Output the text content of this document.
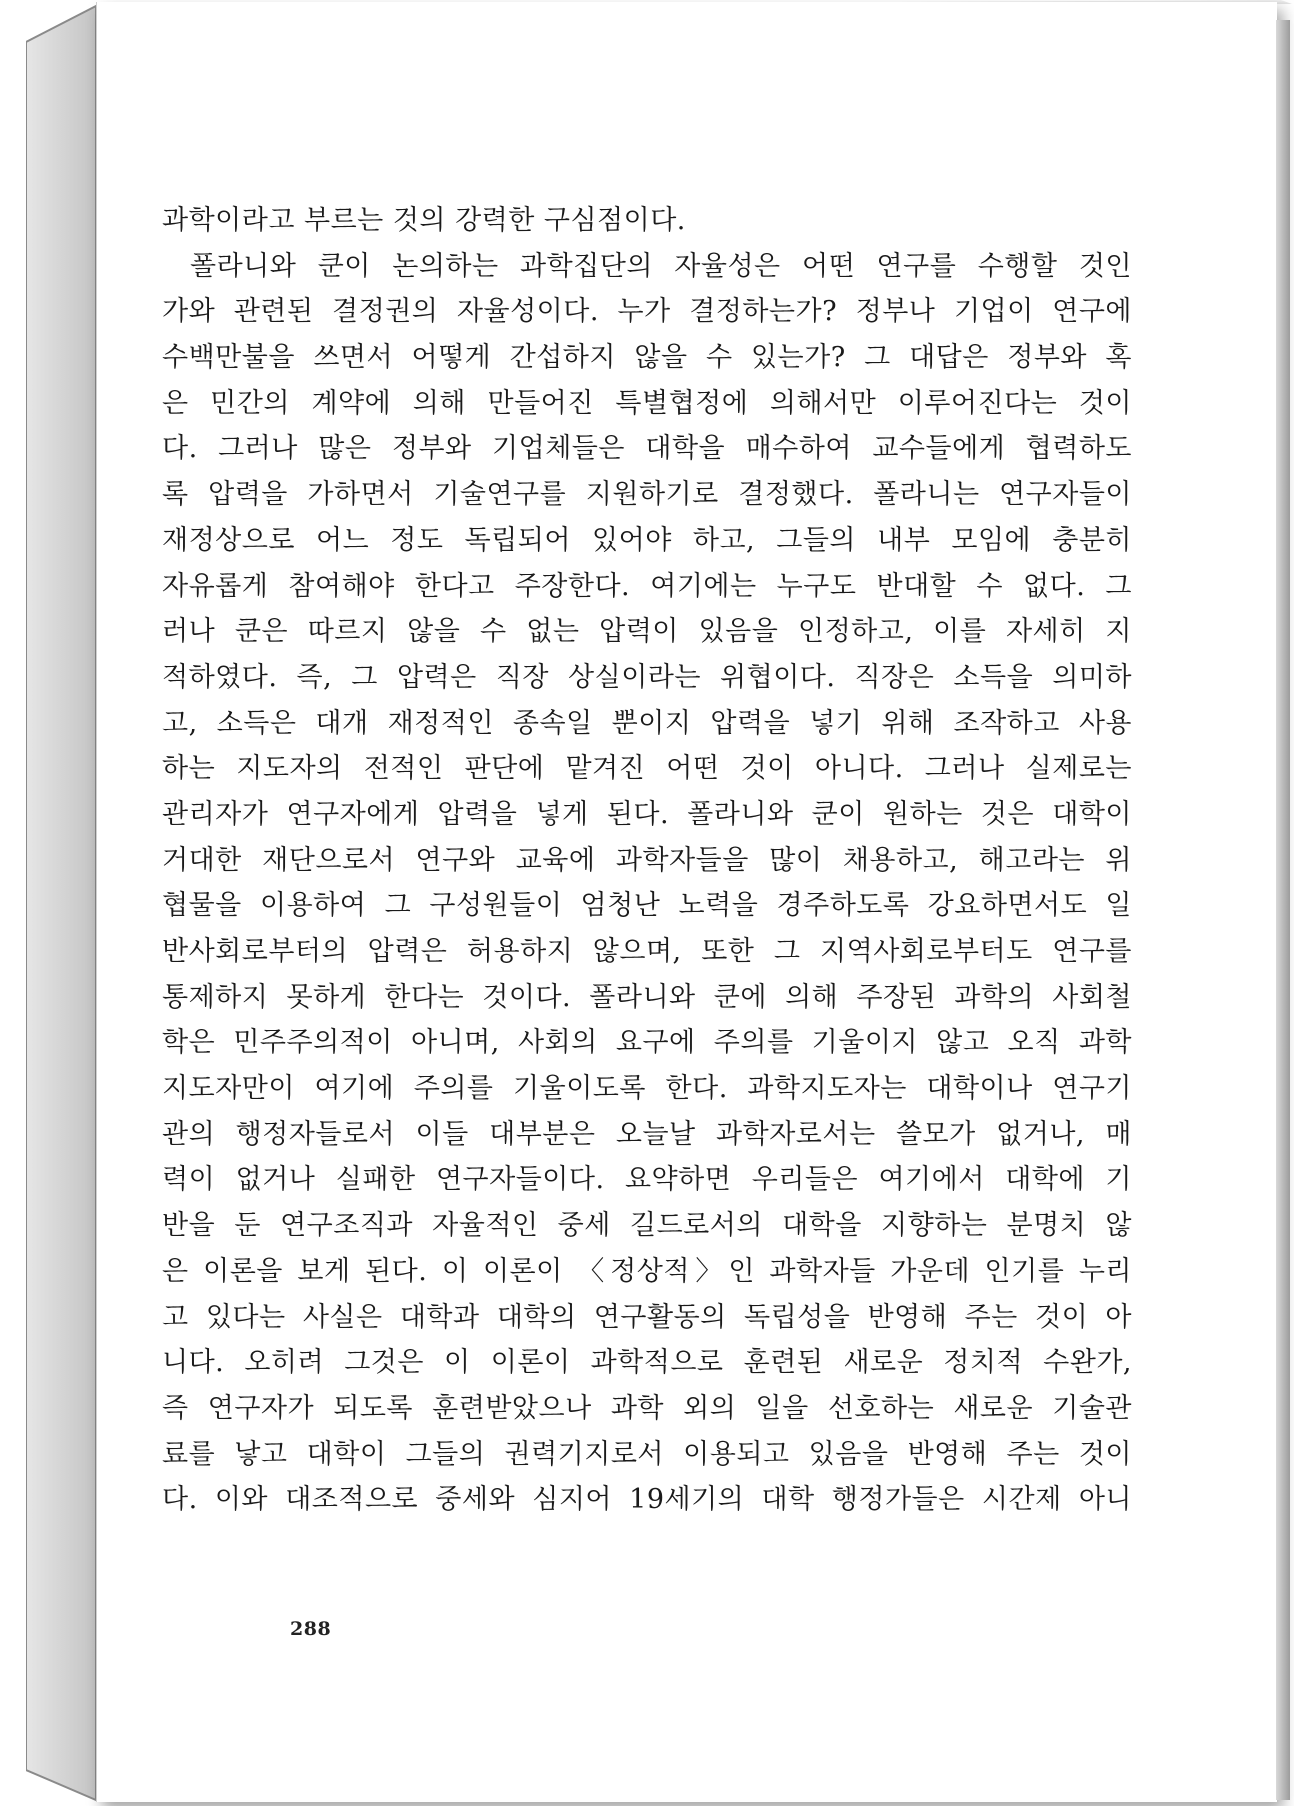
과학이라고 부르는 것의 강력한 구심점이다.
폴라니와 쿤이 논의하는 과학집단의 자율성은 어떤 연구를 수행할 것인
가와 관련된 결정권의 자율성이다. 누가 결정하는가? 정부나 기업이 연구에
수백만불을 쓰면서 어떻게 간섭하지 않을 수 있는가? 그 대답은 정부와 혹
은 민간의 계약에 의해 만들어진 특별협정에 의해서만 이루어진다는 것이
다. 그러나 많은 정부와 기업체들은 대학을 매수하여 교수들에게 협력하도
록 압력을 가하면서 기술연구를 지원하기로 결정했다. 폴라니는 연구자들이
재정상으로 어느 정도 독립되어 있어야 하고, 그들의 내부 모임에 충분히
자유롭게 참여해야 한다고 주장한다. 여기에는 누구도 반대할 수 없다. 그
러나 쿤은 따르지 않을 수 없는 압력이 있음을 인정하고, 이를 자세히 지
적하였다. 즉, 그 압력은 직장 상실이라는 위협이다. 직장은 소득을 의미하
고, 소득은 대개 재정적인 종속일 뿐이지 압력을 넣기 위해 조작하고 사용
하는 지도자의 전적인 판단에 맡겨진 어떤 것이 아니다. 그러나 실제로는
관리자가 연구자에게 압력을 넣게 된다. 폴라니와 쿤이 원하는 것은 대학이
거대한 재단으로서 연구와 교육에 과학자들을 많이 채용하고, 해고라는 위
협물을 이용하여 그 구성원들이 엄청난 노력을 경주하도록 강요하면서도 일
반사회로부터의 압력은 허용하지 않으며, 또한 그 지역사회로부터도 연구를
통제하지 못하게 한다는 것이다. 폴라니와 쿤에 의해 주장된 과학의 사회철
학은 민주주의적이 아니며, 사회의 요구에 주의를 기울이지 않고 오직 과학
지도자만이 여기에 주의를 기울이도록 한다. 과학지도자는 대학이나 연구기
관의 행정자들로서 이들 대부분은 오늘날 과학자로서는 쓸모가 없거나, 매
력이 없거나 실패한 연구자들이다. 요약하면 우리들은 여기에서 대학에 기
반을 둔 연구조직과 자율적인 중세 길드로서의 대학을 지향하는 분명치 않
은 이론을 보게 된다. 이 이론이 〈정상적〉인 과학자들 가운데 인기를 누리
고 있다는 사실은 대학과 대학의 연구활동의 독립성을 반영해 주는 것이 아
니다. 오히려 그것은 이 이론이 과학적으로 훈련된 새로운 정치적 수완가,
즉 연구자가 되도록 훈련받았으나 과학 외의 일을 선호하는 새로운 기술관
료를 낳고 대학이 그들의 권력기지로서 이용되고 있음을 반영해 주는 것이
다. 이와 대조적으로 중세와 심지어 19세기의 대학 행정가들은 시간제 아니
288
